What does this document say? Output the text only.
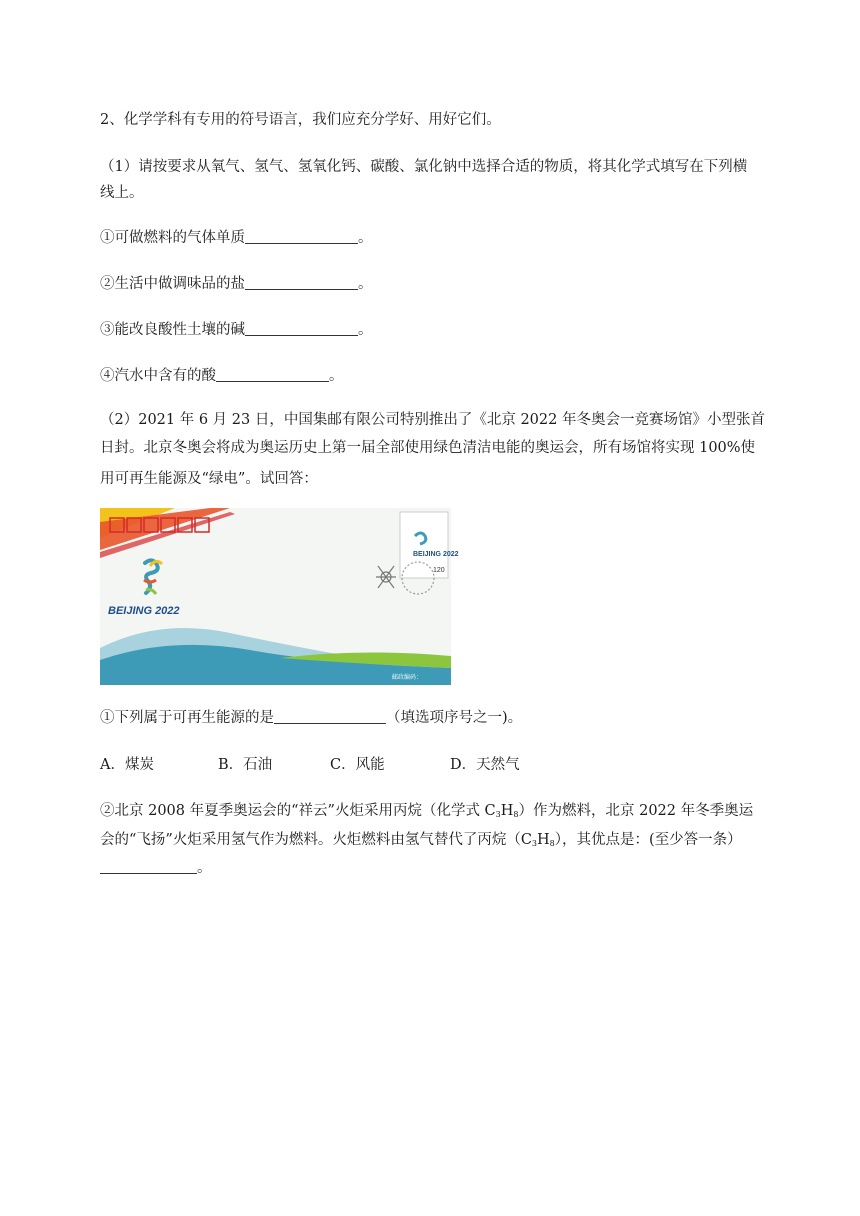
2、化学学科有专用的符号语言，我们应充分学好、用好它们。
（1）请按要求从氧气、氢气、氢氧化钙、碳酸、氯化钠中选择合适的物质，将其化学式填写在下列横
线上。
①可做燃料的气体单质	。
②生活中做调味品的盐	。
③能改良酸性土壤的碱	。
④汽水中含有的酸	。
（2）2021 年 6 月 23 日，中国集邮有限公司特别推出了《北京 2022 年冬奥会一竞赛场馆》小型张首
日封。北京冬奥会将成为奥运历史上第一届全部使用绿色清洁电能的奥运会，所有场馆将实现 100%使
用可再生能源及“绿电”。试回答：
BEIJING 2022
BEIJING 2022
120
邮政编码：
①下列属于可再生能源的是	（填选项序号之一)。
A．煤炭	B．石油	C．风能	D．天然气
②北京 2008 年夏季奥运会的“祥云”火炬采用丙烷（化学式 $C_3H_8$）作为燃料，北京 2022 年冬季奥运
会的“飞扬”火炬采用氢气作为燃料。火炬燃料由氢气替代了丙烷$(C_3H_8)$，其优点是：(至少答一条）
。
